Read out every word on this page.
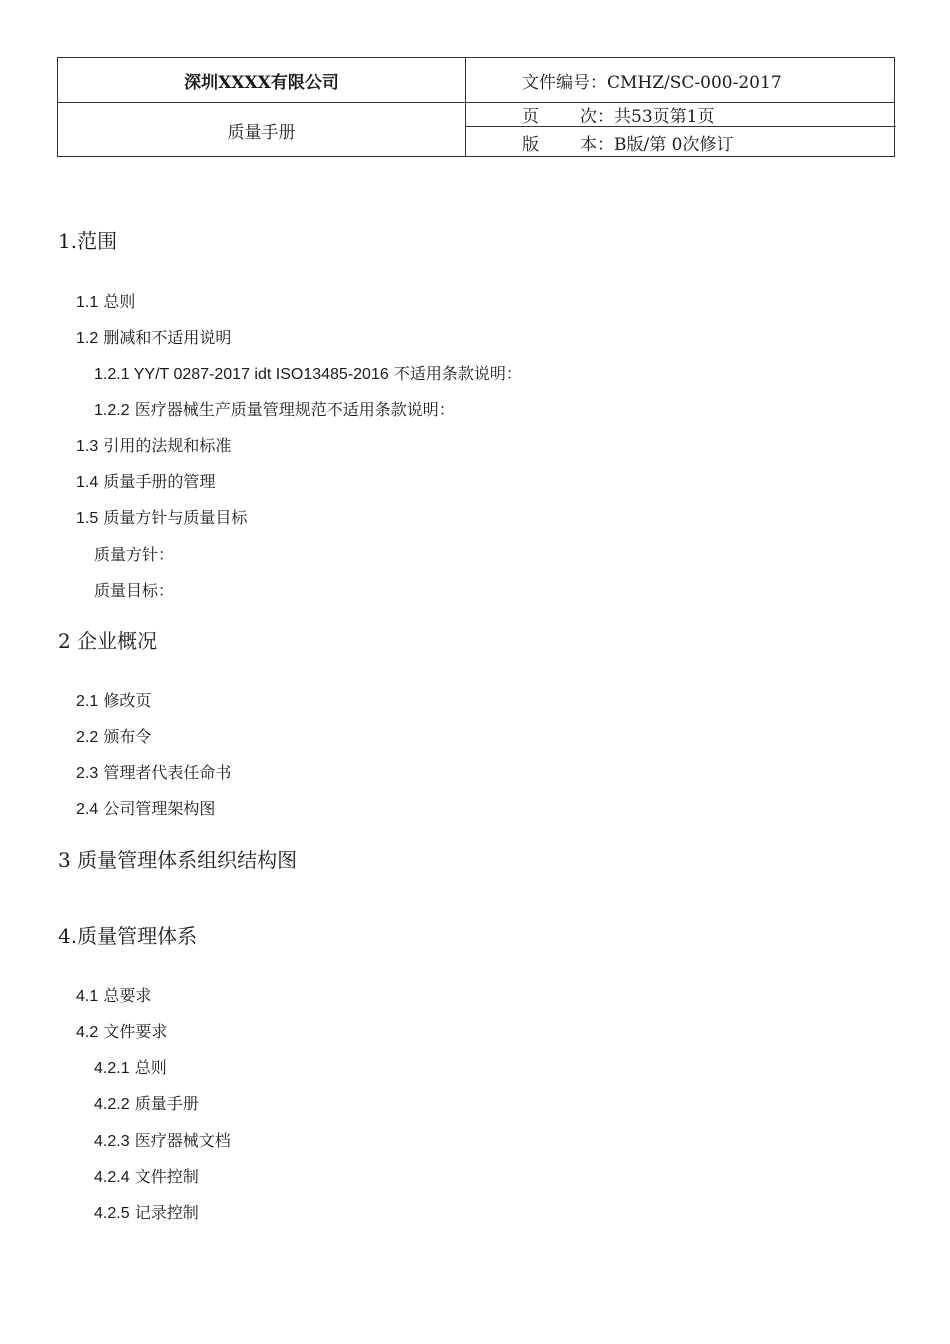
深圳XXXX有限公司	文件编号：CMHZ/SC-000-2017
质量手册
页	次： 共53页第1页
版	本： B版/第 0次修订
1.范围
1.1 总则
1.2 删减和不适用说明
1.2.1 YY/T 0287-2017 idt ISO13485-2016 不适用条款说明：
1.2.2 医疗器械生产质量管理规范不适用条款说明：
1.3 引用的法规和标准
1.4 质量手册的管理
1.5 质量方针与质量目标
质量方针：
质量目标：
2 企业概况
2.1 修改页
2.2 颁布令
2.3 管理者代表任命书
2.4 公司管理架构图
3 质量管理体系组织结构图
4.质量管理体系
4.1 总要求
4.2 文件要求
4.2.1 总则
4.2.2 质量手册
4.2.3 医疗器械文档
4.2.4 文件控制
4.2.5 记录控制
